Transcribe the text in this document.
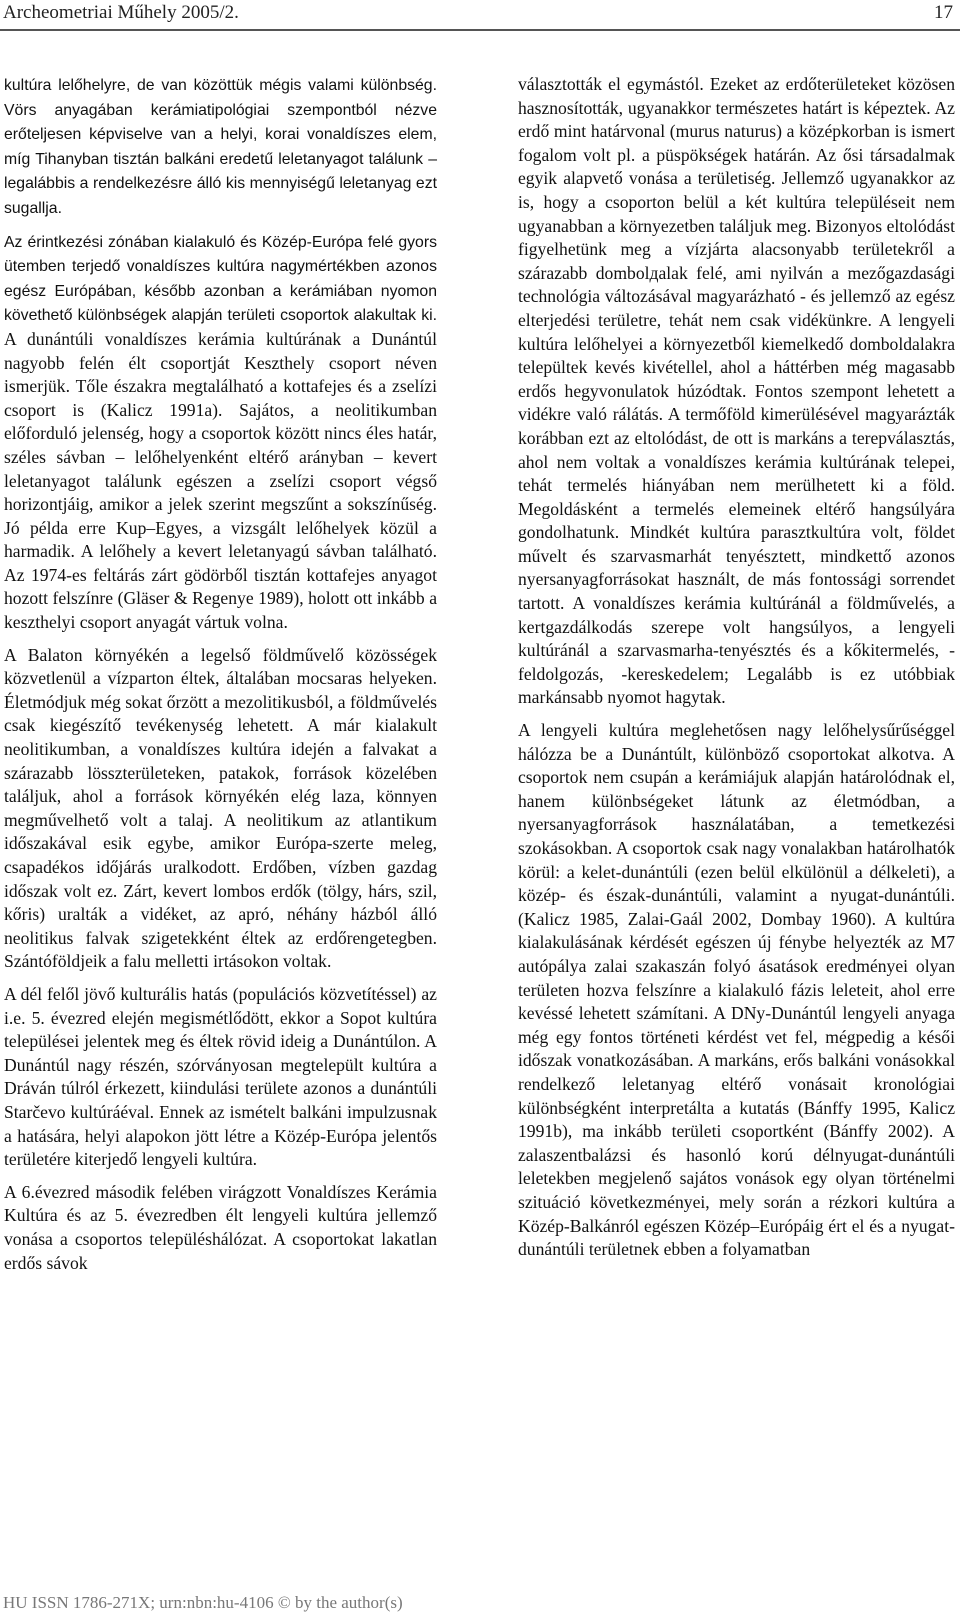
Archeometriai Műhely 2005/2.	17

kultúra lelőhelyre, de van közöttük mégis valami különbség. Vörs anyagában kerámiatipológiai szempontból nézve erőteljesen képviselve van a helyi, korai vonaldíszes elem, míg Tihanyban tisztán balkáni eredetű leletanyagot találunk – legalábbis a rendelkezésre álló kis mennyiségű leletanyag ezt sugallja.

Az érintkezési zónában kialakuló és Közép-Európa felé gyors ütemben terjedő vonaldíszes kultúra nagymértékben azonos egész Európában, később azonban a kerámiában nyomon követhető különbségek alapján területi csoportok alakultak ki. A dunántúli vonaldíszes kerámia kultúrának a Dunántúl nagyobb felén élt csoportját Keszthely csoport néven ismerjük. Tőle északra megtalálható a kottafejes és a zselízi csoport is (Kalicz 1991a). Sajátos, a neolitikumban előforduló jelenség, hogy a csoportok között nincs éles határ, széles sávban – lelőhelyenként eltérő arányban – kevert leletanyagot találunk egészen a zselízi csoport végső horizontjáig, amikor a jelek szerint megszűnt a sokszínűség. Jó példa erre Kup–Egyes, a vizsgált lelőhelyek közül a harmadik. A lelőhely a kevert leletanyagú sávban található. Az 1974-es feltárás zárt gödörből tisztán kottafejes anyagot hozott felszínre (Gläser & Regenye 1989), holott ott inkább a keszthelyi csoport anyagát vártuk volna.

A Balaton környékén a legelső földművelő közösségek közvetlenül a vízparton éltek, általában mocsaras helyeken. Életmódjuk még sokat őrzött a mezolitikusból, a földművelés csak kiegészítő tevékenység lehetett. A már kialakult neolitikumban, a vonaldíszes kultúra idején a falvakat a szárazabb lösszterületeken, patakok, források közelében találjuk, ahol a források környékén elég laza, könnyen megművelhető volt a talaj. A neolitikum az atlantikum időszakával esik egybe, amikor Európa-szerte meleg, csapadékos időjárás uralkodott. Erdőben, vízben gazdag időszak volt ez. Zárt, kevert lombos erdők (tölgy, hárs, szil, kőris) uralták a vidéket, az apró, néhány házból álló neolitikus falvak szigetekként éltek az erdőrengetegben. Szántóföldjeik a falu melletti irtásokon voltak.

A dél felől jövő kulturális hatás (populációs közvetítéssel) az i.e. 5. évezred elején megismétlődött, ekkor a Sopot kultúra települései jelentek meg és éltek rövid ideig a Dunántúlon. A Dunántúl nagy részén, szórványosan megtelepült kultúra a Dráván túlról érkezett, kiindulási területe azonos a dunántúli Starčevo kultúráéval. Ennek az ismételt balkáni impulzusnak a hatására, helyi alapokon jött létre a Közép-Európa jelentős területére kiterjedő lengyeli kultúra.

A 6.évezred második felében virágzott Vonaldíszes Kerámia Kultúra és az 5. évezredben élt lengyeli kultúra jellemző vonása a csoportos településhálózat. A csoportokat lakatlan erdős sávok

választották el egymástól. Ezeket az erdőterületeket közösen hasznosították, ugyanakkor természetes határt is képeztek. Az erdő mint határvonal (murus naturus) a középkorban is ismert fogalom volt pl. a püspökségek határán. Az ősi társadalmak egyik alapvető vonása a területiség. Jellemző ugyanakkor az is, hogy a csoporton belül a két kultúra településeit nem ugyanabban a környezetben találjuk meg. Bizonyos eltolódást figyelhetünk meg a vízjárta alacsonyabb területekről a szárazabb dombolдalak felé, ami nyilván a mezőgazdasági technológia változásával magyarázható - és jellemző az egész elterjedési területre, tehát nem csak vidékünkre. A lengyeli kultúra lelőhelyei a környezetből kiemelkedő domboldalakra települtek kevés kivétellel, ahol a háttérben még magasabb erdős hegyvonulatok húzódtak. Fontos szempont lehetett a vidékre való rálátás. A termőföld kimerülésével magyarázták korábban ezt az eltolódást, de ott is markáns a terepválasztás, ahol nem voltak a vonaldíszes kerámia kultúrának telepei, tehát termelés hiányában nem merülhetett ki a föld. Megoldásként a termelés elemeinek eltérő hangsúlyára gondolhatunk. Mindkét kultúra parasztkultúra volt, földet művelt és szarvasmarhát tenyésztett, mindkettő azonos nyersanyagforrásokat használt, de más fontossági sorrendet tartott. A vonaldíszes kerámia kultúránál a földművelés, a kertgazdálkodás szerepe volt hangsúlyos, a lengyeli kultúránál a szarvasmarha-tenyésztés és a kőkitermelés, -feldolgozás, -kereskedelem; Legalább is ez utóbbiak markánsabb nyomot hagytak.

A lengyeli kultúra meglehetősen nagy lelőhelysűrűséggel hálózza be a Dunántúlt, különböző csoportokat alkotva. A csoportok nem csupán a kerámiájuk alapján határolódnak el, hanem különbségeket látunk az életmódban, a nyersanyagforrások használatában, a temetkezési szokásokban. A csoportok csak nagy vonalakban határolhatók körül: a kelet-dunántúli (ezen belül elkülönül a délkeleti), a közép- és észak-dunántúli, valamint a nyugat-dunántúli. (Kalicz 1985, Zalai-Gaál 2002, Dombay 1960). A kultúra kialakulásának kérdését egészen új fénybe helyezték az M7 autópálya zalai szakaszán folyó ásatások eredményei olyan területen hozva felszínre a kialakuló fázis leleteit, ahol erre kevéssé lehetett számítani. A DNy-Dunántúl lengyeli anyaga még egy fontos történeti kérdést vet fel, mégpedig a késői időszak vonatkozásában. A markáns, erős balkáni vonásokkal rendelkező leletanyag eltérő vonásait kronológiai különbségként interpretálta a kutatás (Bánffy 1995, Kalicz 1991b), ma inkább területi csoportként (Bánffy 2002). A zalaszentbalázsi és hasonló korú délnyugat-dunántúli leletekben megjelenő sajátos vonások egy olyan történelmi szituáció következményei, mely során a rézkori kultúra a Közép-Balkánról egészen Közép–Európáig ért el és a nyugat-dunántúli területnek ebben a folyamatban

HU ISSN 1786-271X; urn:nbn:hu-4106 © by the author(s)
